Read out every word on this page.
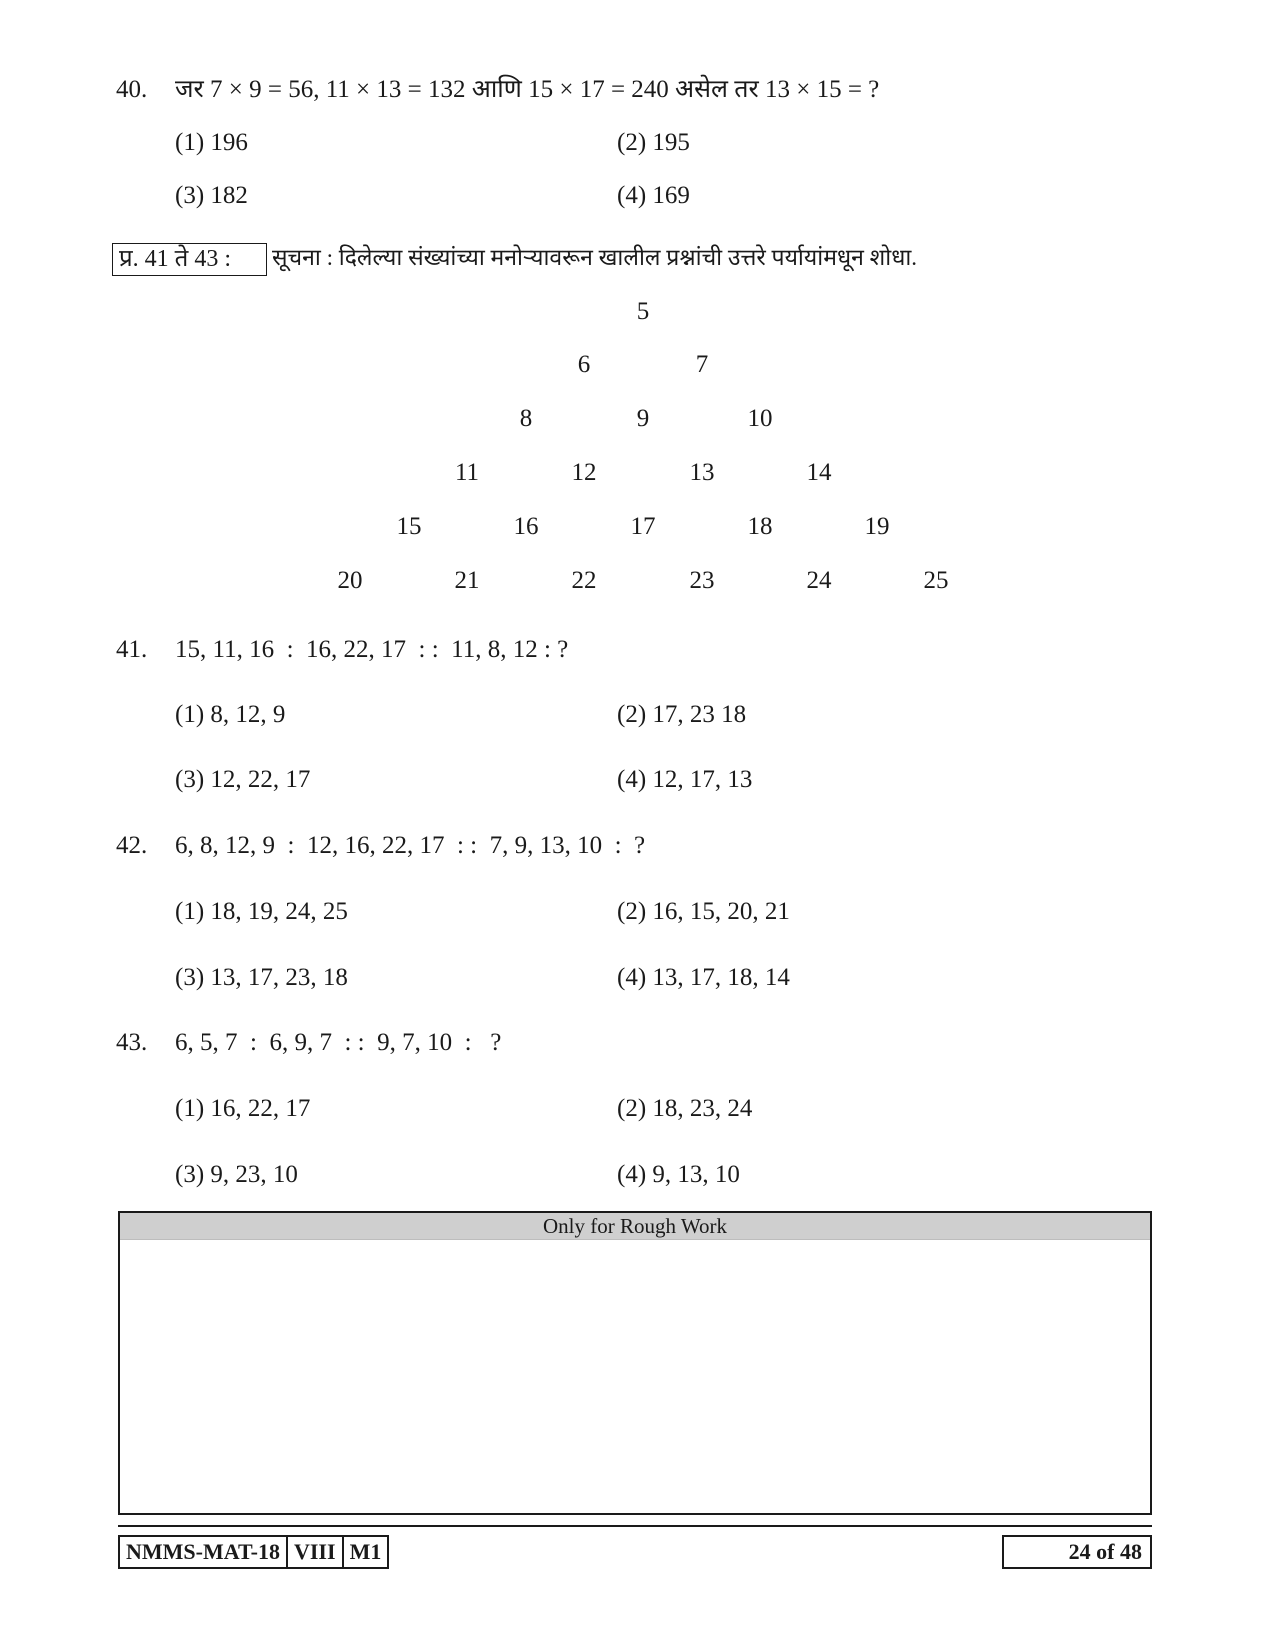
40. जर 7 × 9 = 56, 11 × 13 = 132 आणि 15 × 17 = 240 असेल तर 13 × 15 = ?
(1) 196	(2) 195
(3) 182	(4) 169
प्र. 41 ते 43 :	सूचना : दिलेल्या संख्यांच्या मनोऱ्यावरून खालील प्रश्नांची उत्तरे पर्यायांमधून शोधा.
5
6	7
8	9	10
11	12	13	14
15	16	17	18	19
20	21	22	23	24	25
41. 15, 11, 16  :  16, 22, 17  : :  11, 8, 12 : ?
(1) 8, 12, 9	(2) 17, 23 18
(3) 12, 22, 17	(4) 12, 17, 13
42. 6, 8, 12, 9  :  12, 16, 22, 17  : :  7, 9, 13, 10  :  ?
(1) 18, 19, 24, 25	(2) 16, 15, 20, 21
(3) 13, 17, 23, 18	(4) 13, 17, 18, 14
43. 6, 5, 7  :  6, 9, 7  : :  9, 7, 10  :   ?
(1) 16, 22, 17	(2) 18, 23, 24
(3) 9, 23, 10	(4) 9, 13, 10
Only for Rough Work
NMMS-MAT-18 VIII M1	24 of 48
